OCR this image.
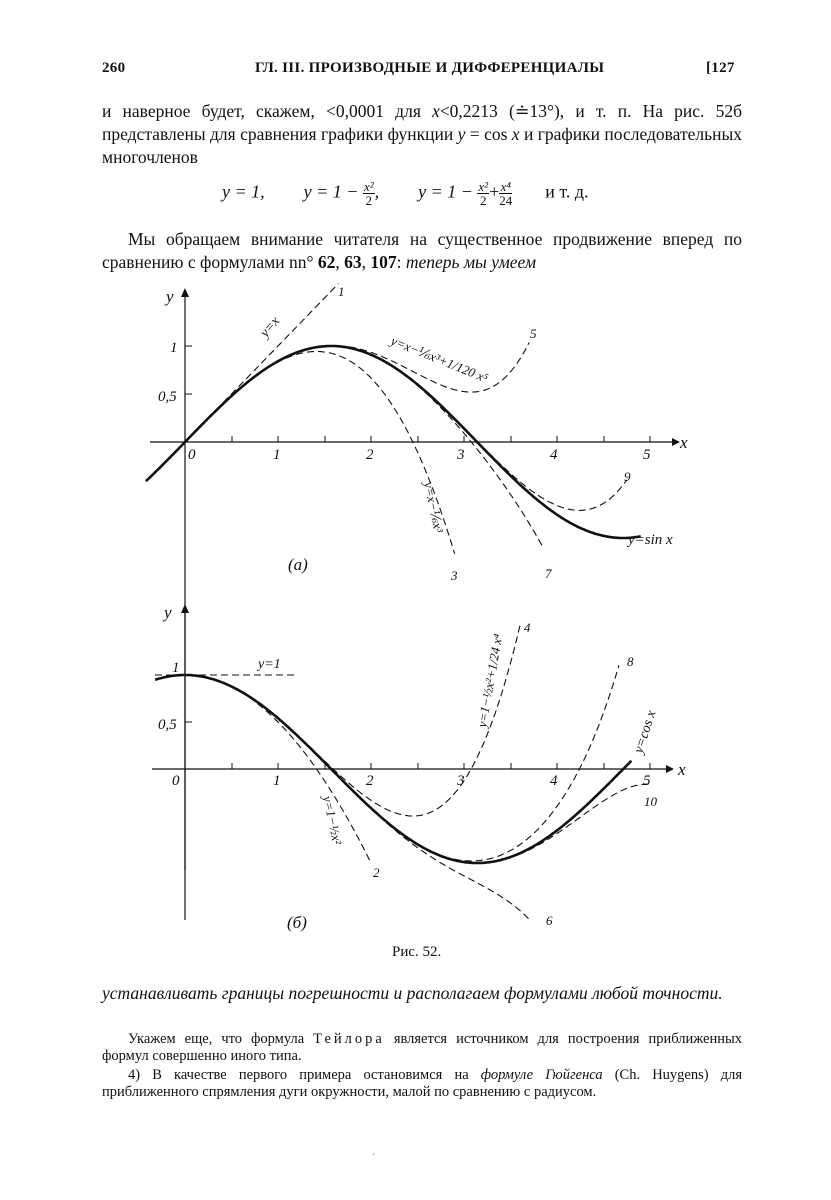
260	ГЛ. III. ПРОИЗВОДНЫЕ И ДИФФЕРЕНЦИАЛЫ	[127
и наверное будет, скажем, <0,0001 для x<0,2213 (≐13°), и т. п. На рис. 52б представлены для сравнения графики функции y = cos x и графики последовательных многочленов
y = 1, $y = 1 - \frac{\text{x²}}{2}$ , $y = 1 - \frac{\text{x²}}{2} + \frac{\text{x⁴}}{24}$ и т. д.
Мы обращаем внимание читателя на существенное продвижение вперед по сравнению с формулами nn° 62, 63, 107: теперь мы умеем
y
x
1
0,5
0	1	2	3	4	5
y=x
y=x−⅙x³+1/120 x⁵
y=x−⅙x³
y=sin x
1
5
9
3	7
(а)
y
x
1
0,5
0	1	2	3	4	5
y=1	y=1−½x²+1/24 x⁴
y=1−½x²
y=cos x
4
8
10
2
6
(б)
Рис. 52.
устанавливать границы погрешности и располагаем формулами любой точности.
Укажем еще, что формула Тейлора является источником для построения приближенных формул совершенно иного типа.
4) В качестве первого примера остановимся на формуле Гюйгенса (Ch. Huygens) для приближенного спрямления дуги окружности, малой по сравнению с радиусом.
.
